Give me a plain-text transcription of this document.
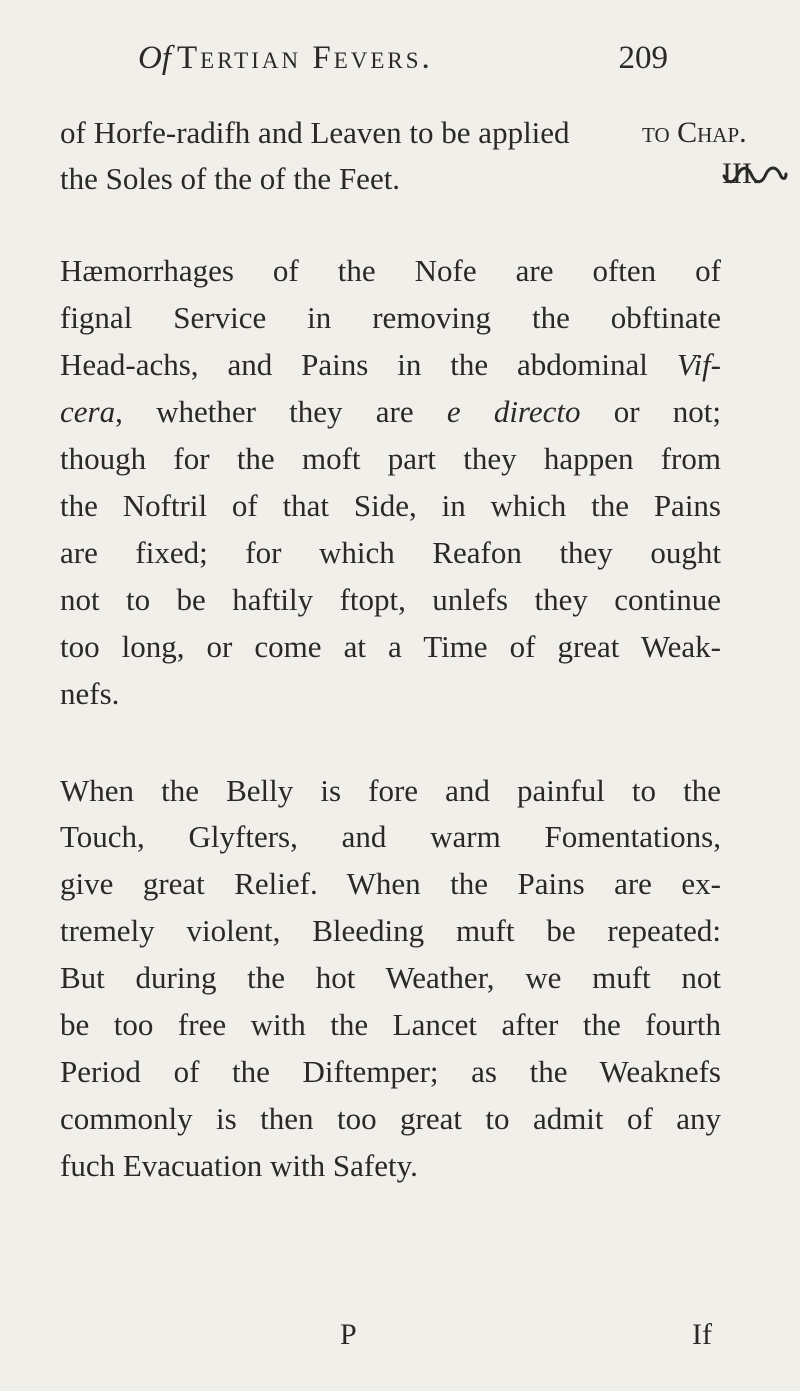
Of Tertian Fevers.	209
of Horfe-radifh and Leaven to be applied
the Soles of the of the Feet.
to Chap.
III.
Hæmorrhages of the Nofe are often of
fignal Service in removing the obftinate
Head-achs, and Pains in the abdominal Vif-
cera, whether they are e directo or not;
though for the moft part they happen from
the Noftril of that Side, in which the Pains
are fixed; for which Reafon they ought
not to be haftily ftopt, unlefs they continue
too long, or come at a Time of great Weak-
nefs.
When the Belly is fore and painful to the
Touch, Glyfters, and warm Fomentations,
give great Relief. When the Pains are ex-
tremely violent, Bleeding muft be repeated:
But during the hot Weather, we muft not
be too free with the Lancet after the fourth
Period of the Diftemper; as the Weaknefs
commonly is then too great to admit of any
fuch Evacuation with Safety.
P	If
